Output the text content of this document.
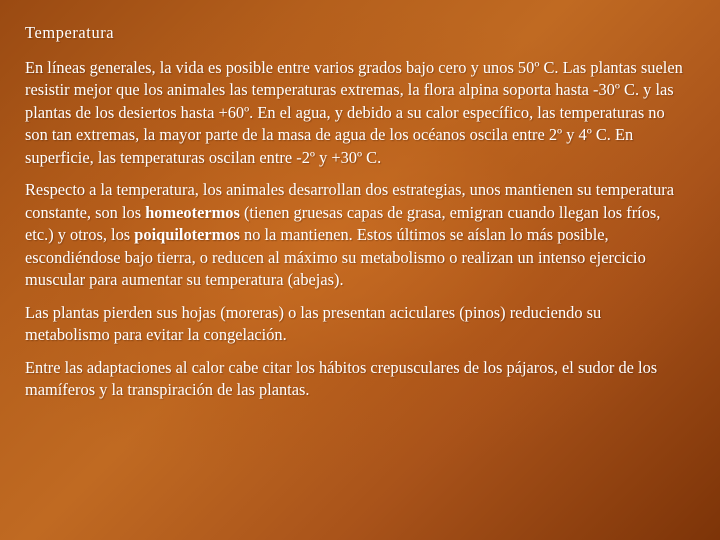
Temperatura

En líneas generales, la vida es posible entre varios grados bajo cero y unos 50º C. Las plantas suelen resistir mejor que los animales las temperaturas extremas, la flora alpina soporta hasta -30º C. y las plantas de los desiertos hasta +60º. En el agua, y debido a su calor específico, las temperaturas no son tan extremas, la mayor parte de la masa de agua de los océanos oscila entre 2º y 4º C. En superficie, las temperaturas oscilan entre -2º y +30º C.

Respecto a la temperatura, los animales desarrollan dos estrategias, unos mantienen su temperatura constante, son los homeotermos (tienen gruesas capas de grasa, emigran cuando llegan los fríos, etc.) y otros, los poiquilotermos no la mantienen. Estos últimos se aíslan lo más posible, escondiéndose bajo tierra, o reducen al máximo su metabolismo o realizan un intenso ejercicio muscular para aumentar su temperatura (abejas).

Las plantas pierden sus hojas (moreras) o las presentan aciculares (pinos) reduciendo su metabolismo para evitar la congelación.

Entre las adaptaciones al calor cabe citar los hábitos crepusculares de los pájaros, el sudor de los mamíferos y la transpiración de las plantas.
